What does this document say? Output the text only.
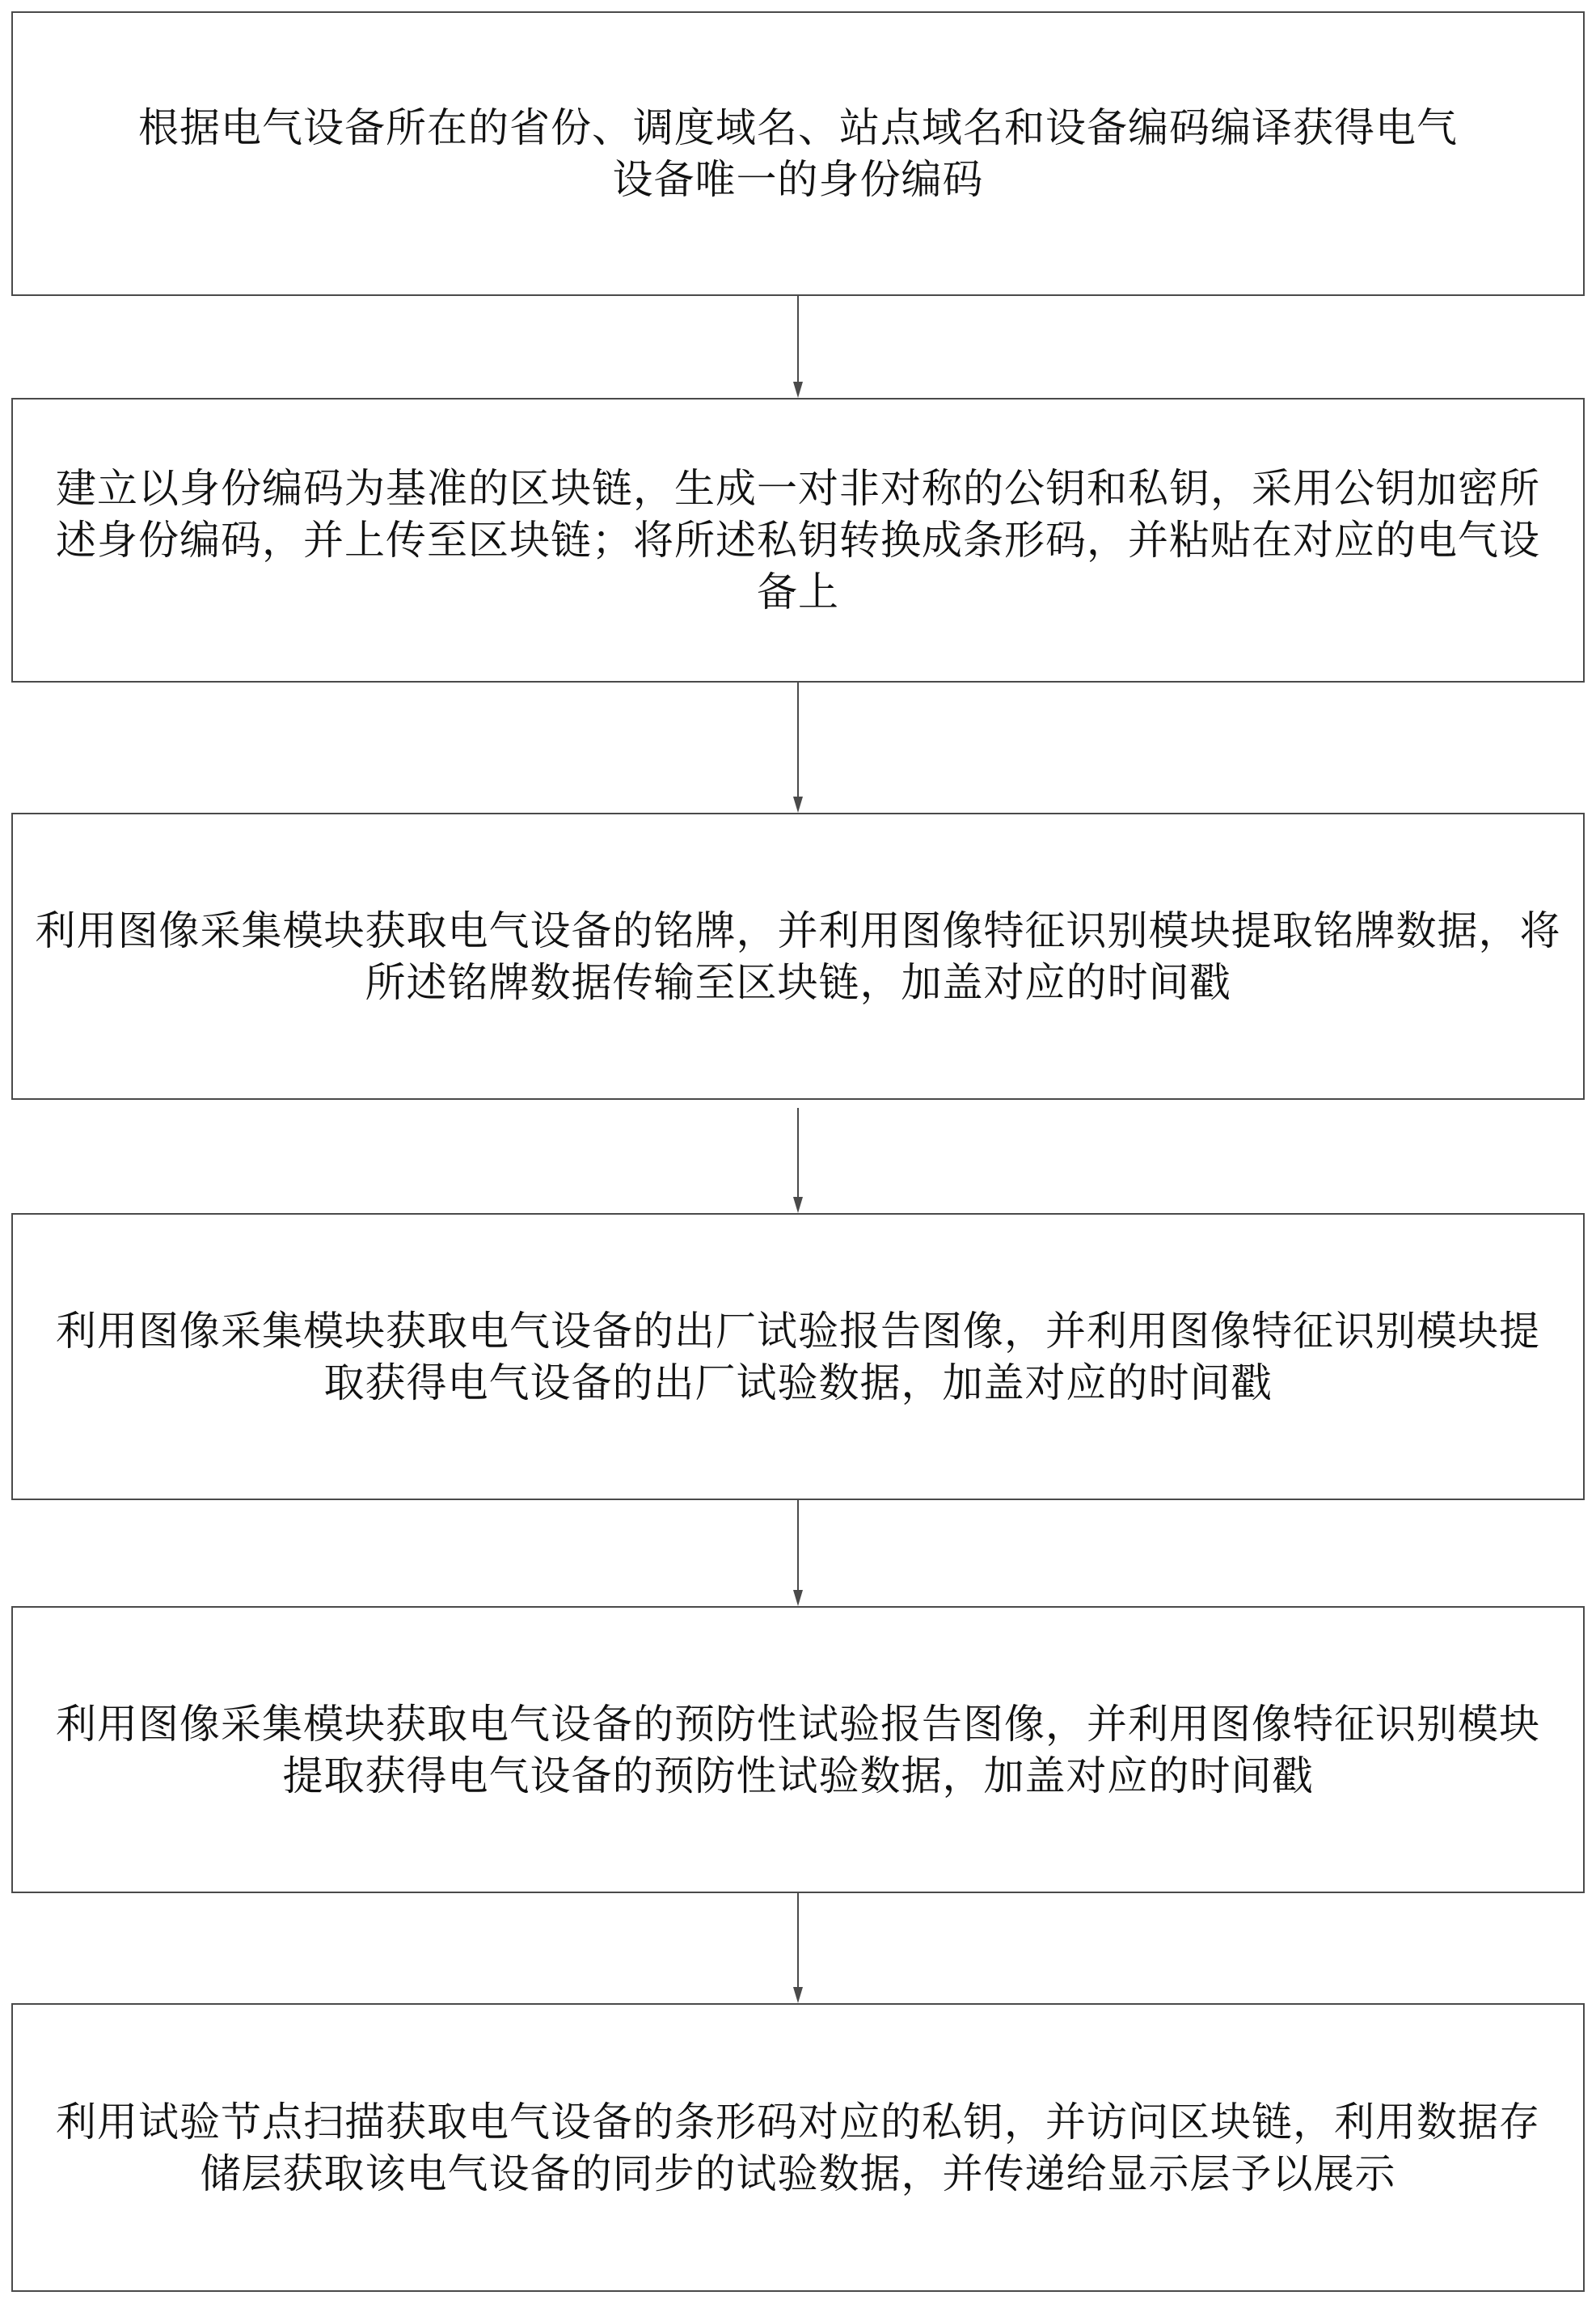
根据电气设备所在的省份、调度域名、站点域名和设备编码编译获得电气设备唯一的身份编码

建立以身份编码为基准的区块链，生成一对非对称的公钥和私钥，采用公钥加密所述身份编码，并上传至区块链；将所述私钥转换成条形码，并粘贴在对应的电气设备上

利用图像采集模块获取电气设备的铭牌，并利用图像特征识别模块提取铭牌数据，将所述铭牌数据传输至区块链，加盖对应的时间戳

利用图像采集模块获取电气设备的出厂试验报告图像，并利用图像特征识别模块提取获得电气设备的出厂试验数据，加盖对应的时间戳

利用图像采集模块获取电气设备的预防性试验报告图像，并利用图像特征识别模块提取获得电气设备的预防性试验数据，加盖对应的时间戳

利用试验节点扫描获取电气设备的条形码对应的私钥，并访问区块链，利用数据存储层获取该电气设备的同步的试验数据，并传递给显示层予以展示
